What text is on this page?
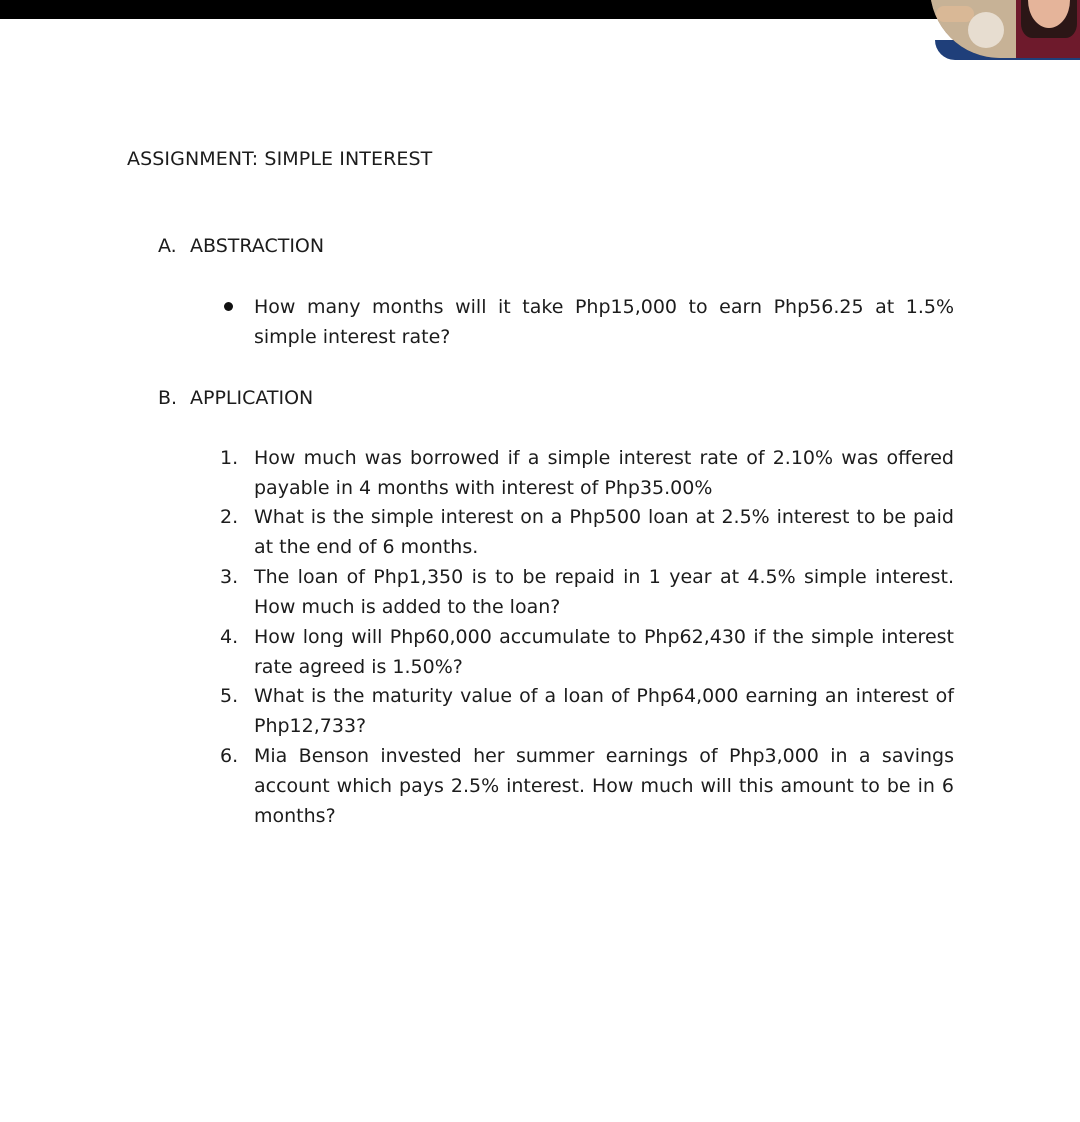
ASSIGNMENT: SIMPLE INTEREST
A. ABSTRACTION
How many months will it take Php15,000 to earn Php56.25 at 1.5% simple interest rate?
B. APPLICATION
1. How much was borrowed if a simple interest rate of 2.10% was offered payable in 4 months with interest of Php35.00%
2. What is the simple interest on a Php500 loan at 2.5% interest to be paid at the end of 6 months.
3. The loan of Php1,350 is to be repaid in 1 year at 4.5% simple interest. How much is added to the loan?
4. How long will Php60,000 accumulate to Php62,430 if the simple interest rate agreed is 1.50%?
5. What is the maturity value of a loan of Php64,000 earning an interest of Php12,733?
6. Mia Benson invested her summer earnings of Php3,000 in a savings account which pays 2.5% interest. How much will this amount to be in 6 months?
